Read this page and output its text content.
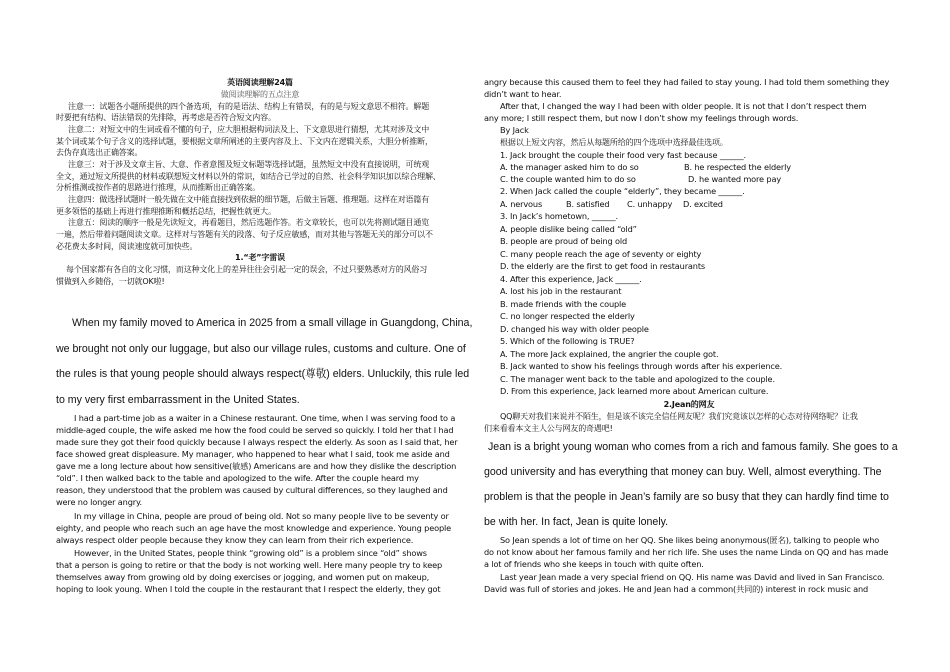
英语阅读理解24篇
做阅读理解的五点注意
注意一：试题各小题所提供的四个备选项，有的是语法、结构上有错误，有的是与短文意思不相符。解题
时要把有结构、语法错误的先排除，再考虑是否符合短文内容。
注意二：对短文中的生词或看不懂的句子，应大胆根据构词法及上、下文意思进行猜想，尤其对涉及文中
某个词或某个句子含义的选择试题，要根据文章所阐述的主要内容及上、下文内在逻辑关系，大胆分析推断，
去伪存真选出正确答案。
注意三：对于涉及文章主旨、大意、作者意图及短文标题等选择试题，虽然短文中没有直接说明，可统观
全文，通过短文所提供的材料或联想短文材料以外的常识，如结合已学过的自然、社会科学知识加以综合理解、
分析推测或按作者的思路进行推理，从而推断出正确答案。
注意四：做选择试题时一般先做在文中能直接找到依据的细节题，后做主旨题、推理题。这样在对语篇有
更多领悟的基础上再进行推理推断和概括总结，把握性就更大。
注意五：阅读的顺序一般是先读短文，再看题目，然后选题作答。若文章较长，也可以先将测试题目通览
一遍，然后带着问题阅读文章。这样对与答题有关的段落、句子反应敏感，而对其他与答题无关的部分可以不
必花费太多时间，阅读速度就可加快些。
1.“老”字雷误
每个国家都有各自的文化习惯，而这种文化上的差异往往会引起一定的误会，不过只要熟悉对方的风俗习
惯做到入乡随俗，一切就OK啦!
When my family moved to America in 2025 from a small village in Guangdong, China,
we brought not only our luggage, but also our village rules, customs and culture. One of
the rules is that young people should always respect(尊敬) elders. Unluckily, this rule led
to my very first embarrassment in the United States.
I had a part-time job as a waiter in a Chinese restaurant. One time, when I was serving food to a
middle-aged couple, the wife asked me how the food could be served so quickly. I told her that I had
made sure they got their food quickly because I always respect the elderly. As soon as I said that, her
face showed great displeasure. My manager, who happened to hear what I said, took me aside and
gave me a long lecture about how sensitive(敏感) Americans are and how they dislike the description
“old”. I then walked back to the table and apologized to the wife. After the couple heard my
reason, they understood that the problem was caused by cultural differences, so they laughed and
were no longer angry.
In my village in China, people are proud of being old. Not so many people live to be seventy or
eighty, and people who reach such an age have the most knowledge and experience. Young people
always respect older people because they know they can learn from their rich experience.
However, in the United States, people think “growing old” is a problem since “old” shows
that a person is going to retire or that the body is not working well. Here many people try to keep
themselves away from growing old by doing exercises or jogging, and women put on makeup,
hoping to look young. When I told the couple in the restaurant that I respect the elderly, they got
angry because this caused them to feel they had failed to stay young. I had told them something they
didn’t want to hear.
After that, I changed the way I had been with older people. It is not that I don’t respect them
any more; I still respect them, but now I don’t show my feelings through words.
By Jack
根据以上短文内容，然后从每题所给的四个选项中选择最佳选项。
1. Jack brought the couple their food very fast because ______.
A. the manager asked him to do so	B. he respected the elderly
C. the couple wanted him to do so	D. he wanted more pay
2. When Jack called the couple “elderly”, they became ______.
A. nervous	B. satisfied C. unhappy D. excited
3. In Jack’s hometown, ______.
A. people dislike being called “old”
B. people are proud of being old
C. many people reach the age of seventy or eighty
D. the elderly are the first to get food in restaurants
4. After this experience, Jack ______.
A. lost his job in the restaurant
B. made friends with the couple
C. no longer respected the elderly
D. changed his way with older people
5. Which of the following is TRUE?
A. The more Jack explained, the angrier the couple got.
B. Jack wanted to show his feelings through words after his experience.
C. The manager went back to the table and apologized to the couple.
D. From this experience, Jack learned more about American culture.
2.Jean的网友
QQ聊天对我们来说并不陌生，但是该不该完全信任网友呢？我们究竟该以怎样的心态对待网络呢？让我
们来看看本文主人公与网友的奇遇吧!
Jean is a bright young woman who comes from a rich and famous family. She goes to a
good university and has everything that money can buy. Well, almost everything. The
problem is that the people in Jean’s family are so busy that they can hardly find time to
be with her. In fact, Jean is quite lonely.
So Jean spends a lot of time on her QQ. She likes being anonymous(匿名), talking to people who
do not know about her famous family and her rich life. She uses the name Linda on QQ and has made
a lot of friends who she keeps in touch with quite often.
Last year Jean made a very special friend on QQ. His name was David and lived in San Francisco.
David was full of stories and jokes. He and Jean had a common(共同的) interest in rock music and
